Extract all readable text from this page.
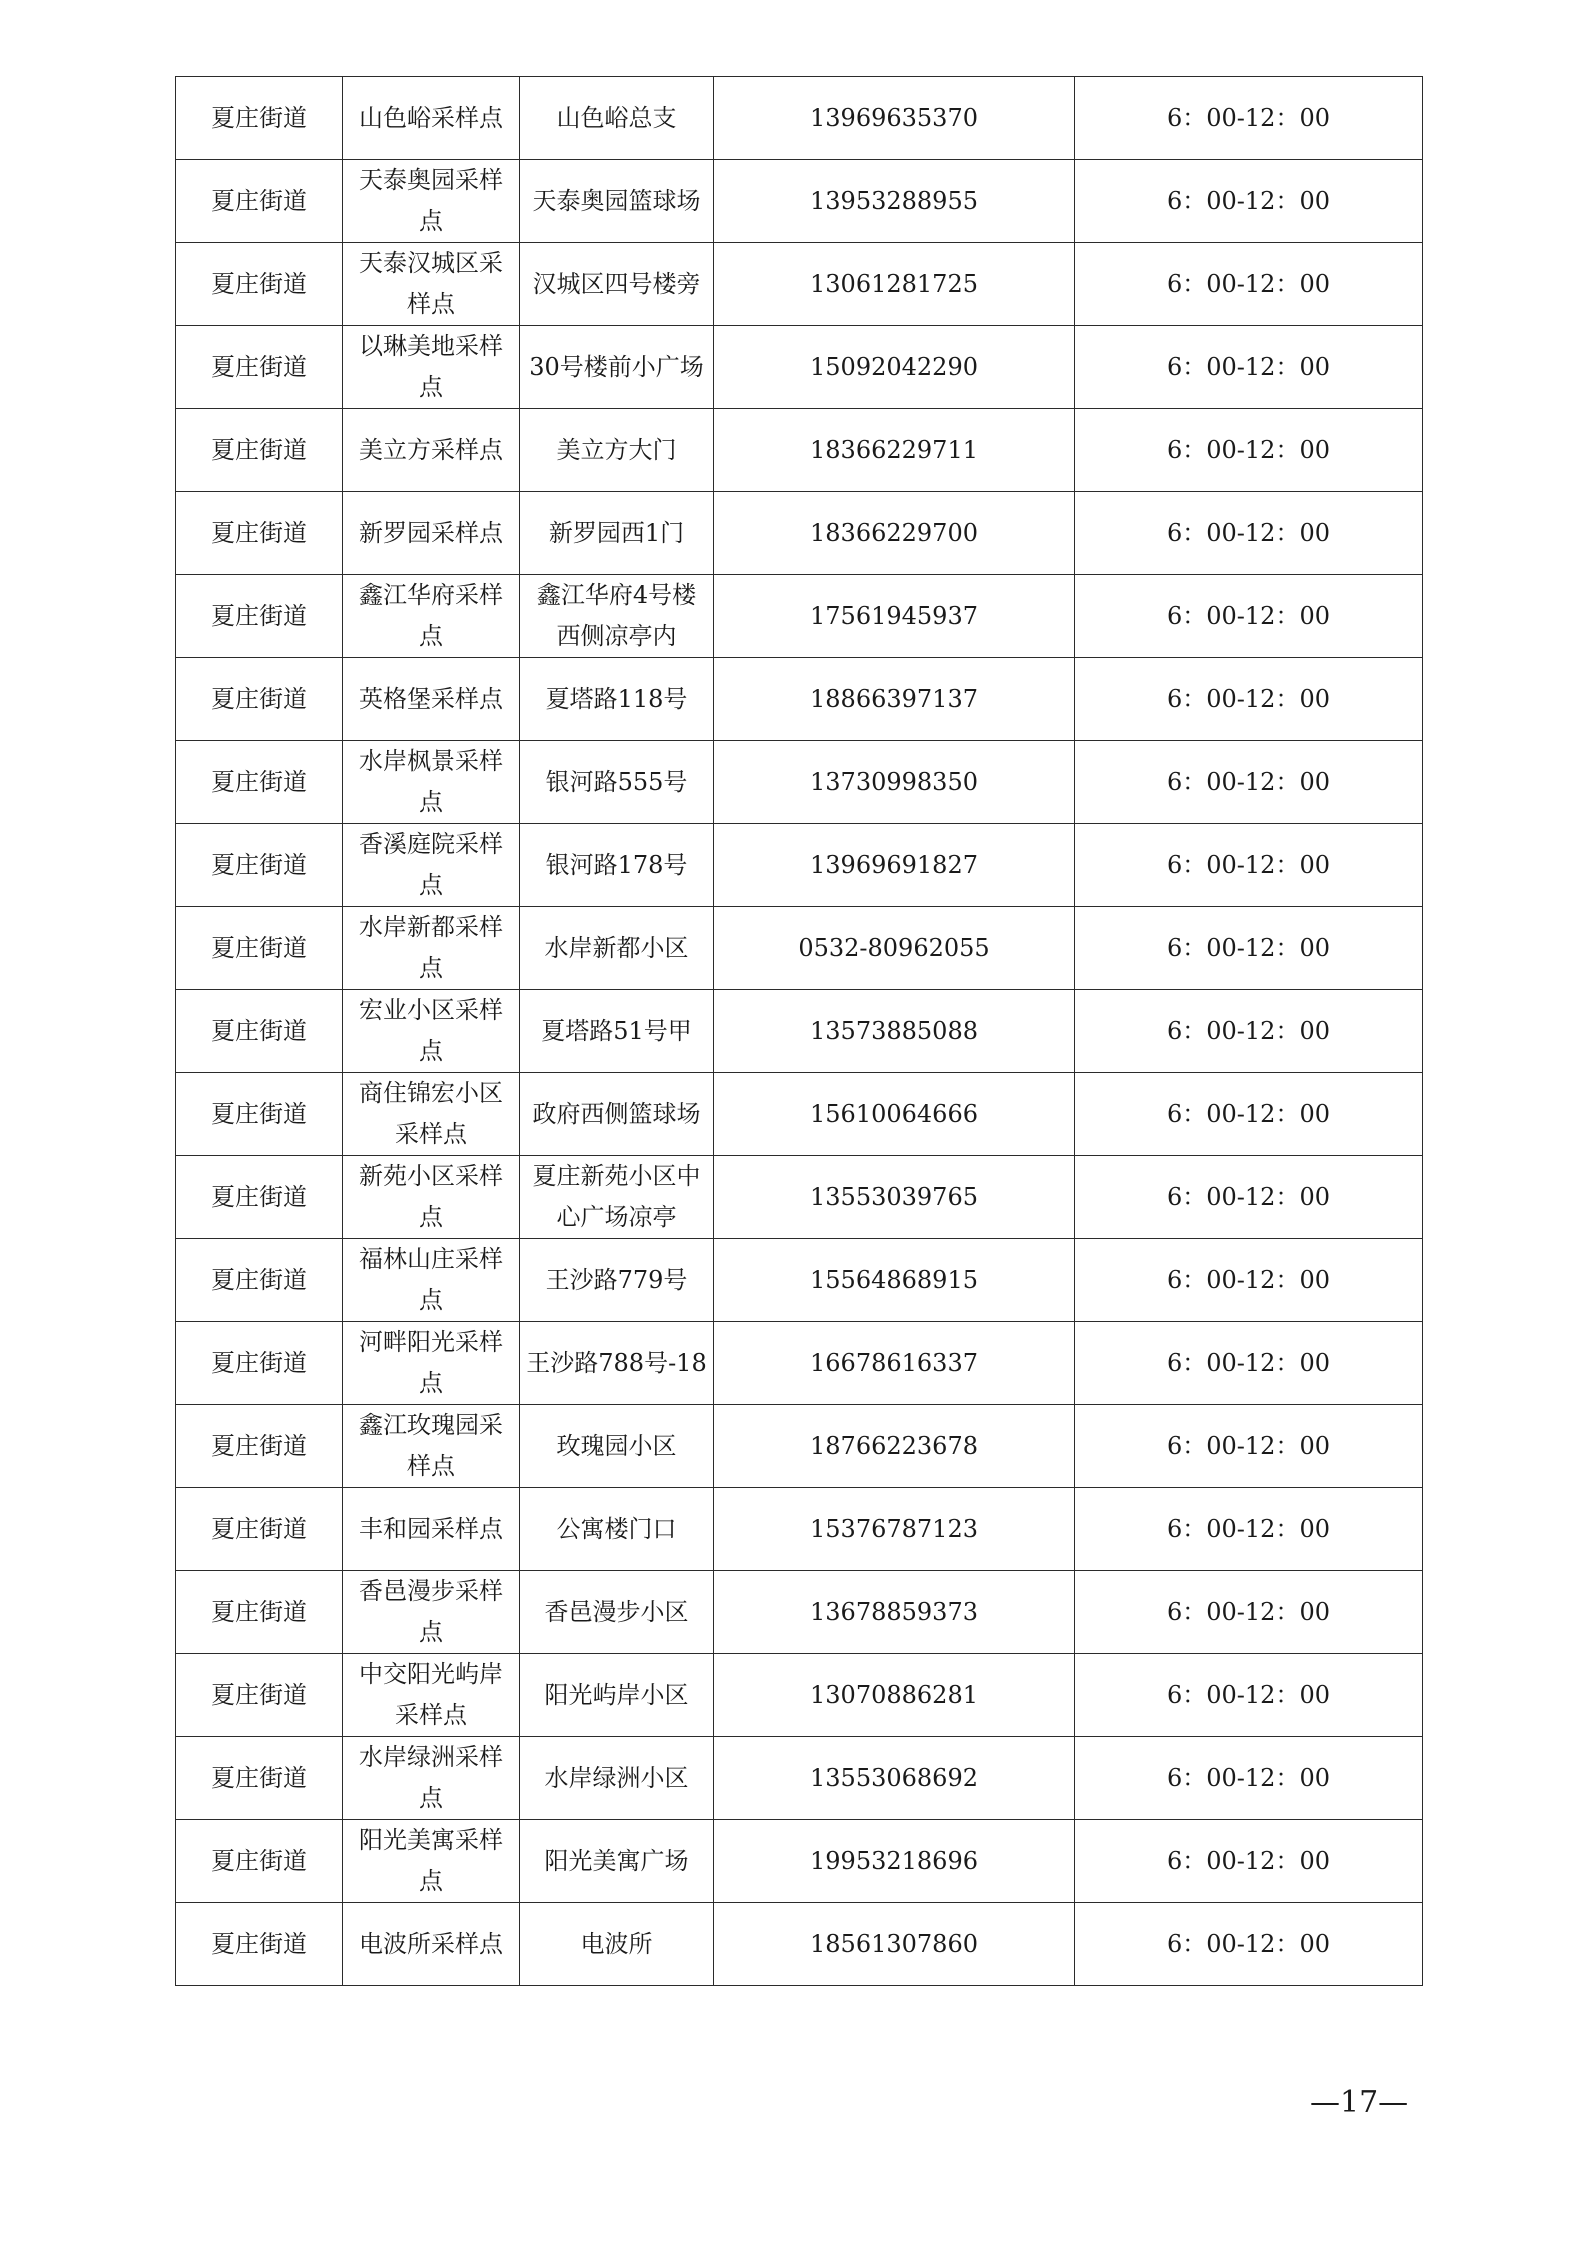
夏庄街道	山色峪采样点	山色峪总支	13969635370	6：00-12：00
夏庄街道	天泰奥园采样点	天泰奥园篮球场	13953288955	6：00-12：00
夏庄街道	天泰汉城区采样点	汉城区四号楼旁	13061281725	6：00-12：00
夏庄街道	以琳美地采样点	30号楼前小广场	15092042290	6：00-12：00
夏庄街道	美立方采样点	美立方大门	18366229711	6：00-12：00
夏庄街道	新罗园采样点	新罗园西1门	18366229700	6：00-12：00
夏庄街道	鑫江华府采样点	鑫江华府4号楼西侧凉亭内	17561945937	6：00-12：00
夏庄街道	英格堡采样点	夏塔路118号	18866397137	6：00-12：00
夏庄街道	水岸枫景采样点	银河路555号	13730998350	6：00-12：00
夏庄街道	香溪庭院采样点	银河路178号	13969691827	6：00-12：00
夏庄街道	水岸新都采样点	水岸新都小区	0532-80962055	6：00-12：00
夏庄街道	宏业小区采样点	夏塔路51号甲	13573885088	6：00-12：00
夏庄街道	商住锦宏小区采样点	政府西侧篮球场	15610064666	6：00-12：00
夏庄街道	新苑小区采样点	夏庄新苑小区中心广场凉亭	13553039765	6：00-12：00
夏庄街道	福林山庄采样点	王沙路779号	15564868915	6：00-12：00
夏庄街道	河畔阳光采样点	王沙路788号-18	16678616337	6：00-12：00
夏庄街道	鑫江玫瑰园采样点	玫瑰园小区	18766223678	6：00-12：00
夏庄街道	丰和园采样点	公寓楼门口	15376787123	6：00-12：00
夏庄街道	香邑漫步采样点	香邑漫步小区	13678859373	6：00-12：00
夏庄街道	中交阳光屿岸采样点	阳光屿岸小区	13070886281	6：00-12：00
夏庄街道	水岸绿洲采样点	水岸绿洲小区	13553068692	6：00-12：00
夏庄街道	阳光美寓采样点	阳光美寓广场	19953218696	6：00-12：00
夏庄街道	电波所采样点	电波所	18561307860	6：00-12：00
—17—
